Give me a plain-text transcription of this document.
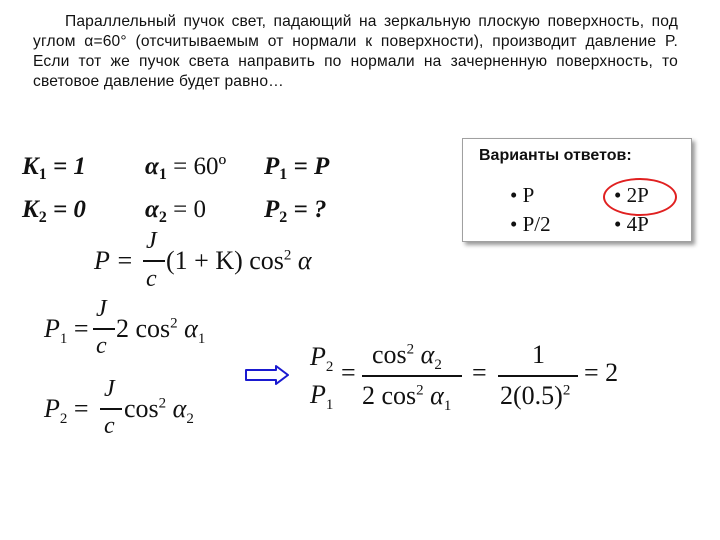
Параллельный пучок свет, падающий на зеркальную плоскую поверхность, под углом α=60° (отсчитываемым от нормали к поверхности), производит давление P. Если тот же пучок света направить по нормали на зачерненную поверхность, то световое давление будет равно…
$K_1 = 1$
$K_2 = 0$
$\alpha_1$ = 60º
$\alpha_2 = 0$
$P_1 = P$
$P_2$ = ?
Варианты ответов:
• P	• 2P
• P/2	• 4P
P =
J
c
(1 + K) $\cos^2 \alpha$
$P_1$ =
J
c
2 $\cos^2 \alpha_1$
$P_2$ =
J
c
$\cos^2 \alpha_2$
$P_2$
$P_1$
=
$\cos^2 \alpha_2$
2 $\cos^2 \alpha_1$
=
1
$2(0.5)^2$
= 2
